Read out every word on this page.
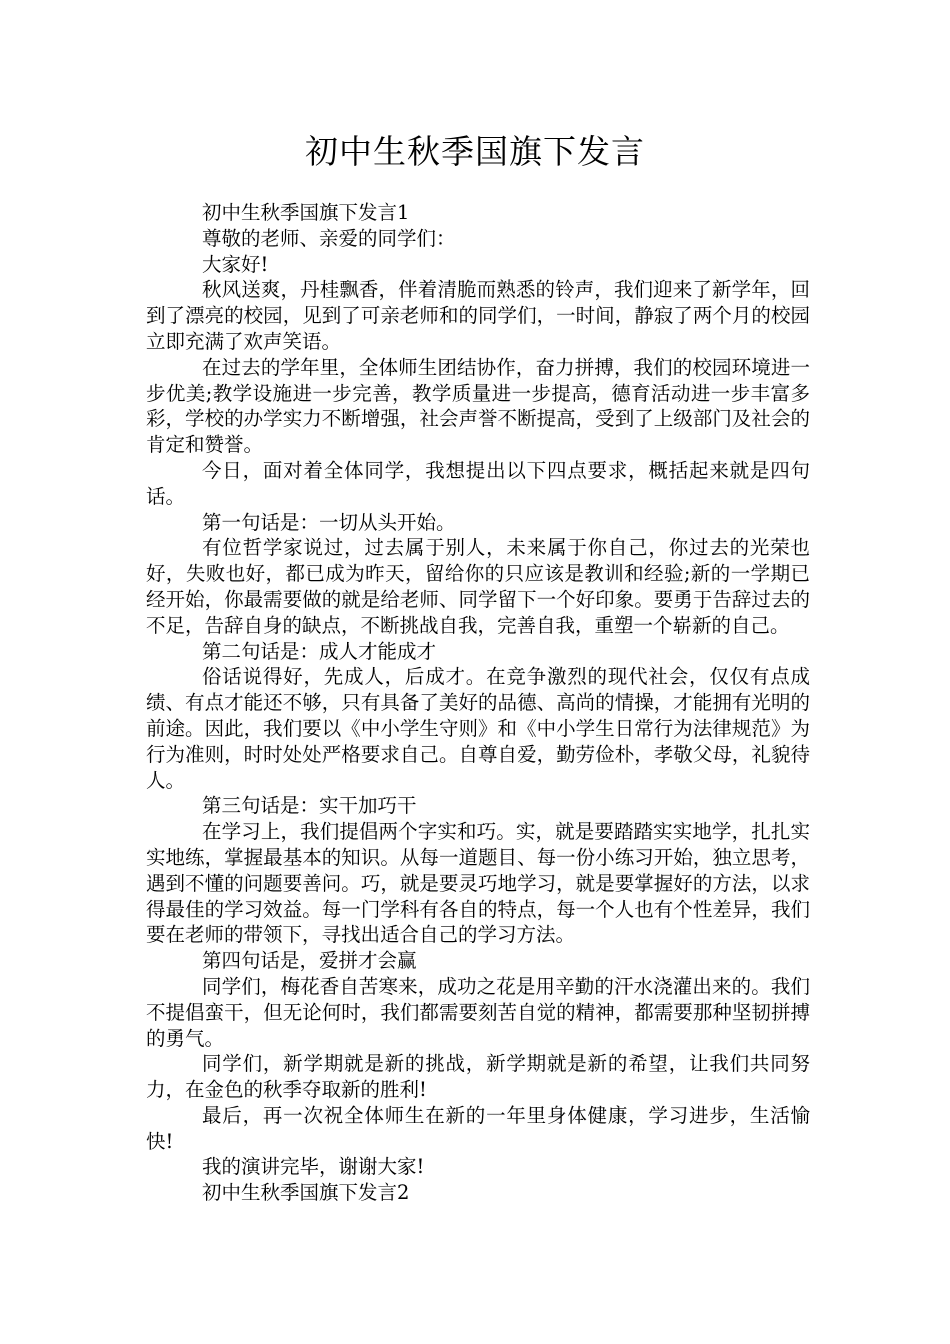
初中生秋季国旗下发言

初中生秋季国旗下发言1

尊敬的老师、亲爱的同学们：

大家好!

秋风送爽，丹桂飘香，伴着清脆而熟悉的铃声，我们迎来了新学年，回到了漂亮的校园，见到了可亲老师和的同学们，一时间，静寂了两个月的校园立即充满了欢声笑语。

在过去的学年里，全体师生团结协作，奋力拼搏，我们的校园环境进一步优美;教学设施进一步完善，教学质量进一步提高，德育活动进一步丰富多彩，学校的办学实力不断增强，社会声誉不断提高，受到了上级部门及社会的肯定和赞誉。

今日，面对着全体同学，我想提出以下四点要求，概括起来就是四句话。

第一句话是：一切从头开始。

有位哲学家说过，过去属于别人，未来属于你自己，你过去的光荣也好，失败也好，都已成为昨天，留给你的只应该是教训和经验;新的一学期已经开始，你最需要做的就是给老师、同学留下一个好印象。要勇于告辞过去的不足，告辞自身的缺点，不断挑战自我，完善自我，重塑一个崭新的自己。

第二句话是：成人才能成才

俗话说得好，先成人，后成才。在竞争激烈的现代社会，仅仅有点成绩、有点才能还不够，只有具备了美好的品德、高尚的情操，才能拥有光明的前途。因此，我们要以《中小学生守则》和《中小学生日常行为法律规范》为行为准则，时时处处严格要求自己。自尊自爱，勤劳俭朴，孝敬父母，礼貌待人。

第三句话是：实干加巧干

在学习上，我们提倡两个字实和巧。实，就是要踏踏实实地学，扎扎实实地练，掌握最基本的知识。从每一道题目、每一份小练习开始，独立思考，遇到不懂的问题要善问。巧，就是要灵巧地学习，就是要掌握好的方法，以求得最佳的学习效益。每一门学科有各自的特点，每一个人也有个性差异，我们要在老师的带领下，寻找出适合自己的学习方法。

第四句话是，爱拼才会赢

同学们，梅花香自苦寒来，成功之花是用辛勤的汗水浇灌出来的。我们不提倡蛮干，但无论何时，我们都需要刻苦自觉的精神，都需要那种坚韧拼搏的勇气。

同学们，新学期就是新的挑战，新学期就是新的希望，让我们共同努力，在金色的秋季夺取新的胜利!

最后，再一次祝全体师生在新的一年里身体健康，学习进步，生活愉快!

我的演讲完毕，谢谢大家!

初中生秋季国旗下发言2
